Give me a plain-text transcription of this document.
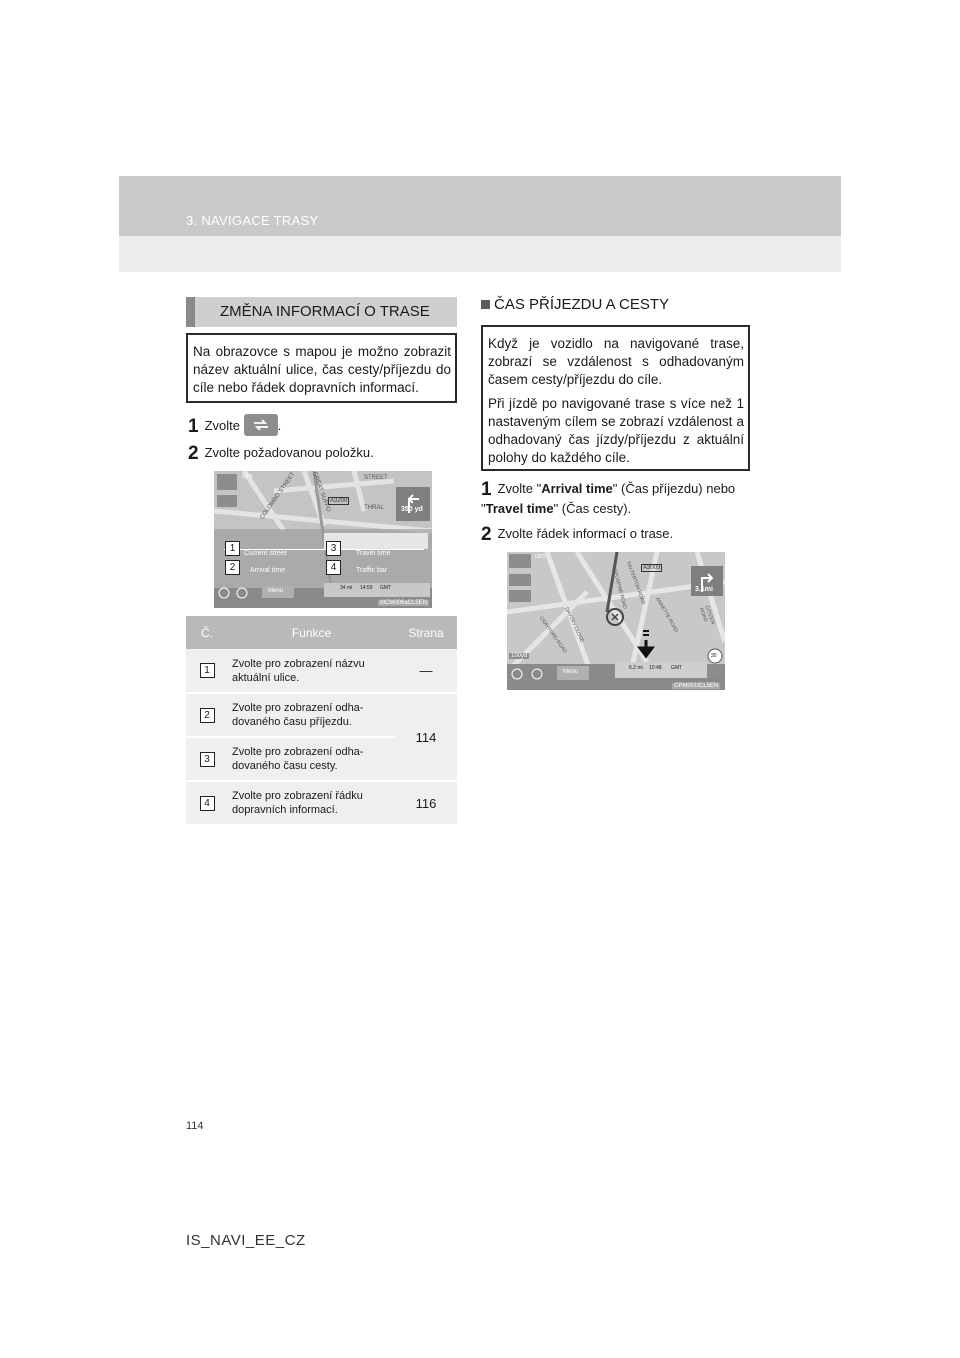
3. NAVIGACE TRASY
ZMĚNA INFORMACÍ O TRASE

Na obrazovce s mapou je možno zobrazit název aktuální ulice, čas cesty/příjezdu do cíle nebo řádek dopravních informací.

1 Zvolte	.
2 Zvolte požadovanou položku.
GPS COLOMBO STREET GREAT SUFFO	STREET
THRAL
A3200
350 yd
Current street
Arrival time
Travel time
Traffic bar
1
2
3
4
Menu	34 mi 14:59 GMT
MCM006aCL5EN
Č.	Funkce	Strana
1	Zvolte pro zobrazení názvu aktuální ulice.	—
2	Zvolte pro zobrazení odha-dovaného času příjezdu.	114
3	Zvolte pro zobrazení odha-dovaného času cesty.	
4	Zvolte pro zobrazení řádku dopravních informací.	116
ČAS PŘÍJEZDU A CESTY

Když je vozidlo na navigované trase, zobrazí se vzdálenost s odhadovaným časem cesty/příjezdu do cíle.

Při jízdě po navigované trase s více než 1 nastaveným cílem se zobrazí vzdálenost a odhadovaný čas jízdy/příjezdu z aktuální polohy do každého cíle.

1 Zvolte "Arrival time" (Čas příjezdu) nebo "Travel time" (Čas cesty).
2 Zvolte řádek informací o trase.
GPS
A3003
3.1mi
100yd
Menu
6.2 mi 10:48 GMT
30
SALTERTON ROAD
EPUSPINE ROAD
ANNETTE ROAD
CRAYFORD ROAD
DAYTRY CLOSE	CITIZEN ROAD
CPM001fCL5EN
114
IS_NAVI_EE_CZ
